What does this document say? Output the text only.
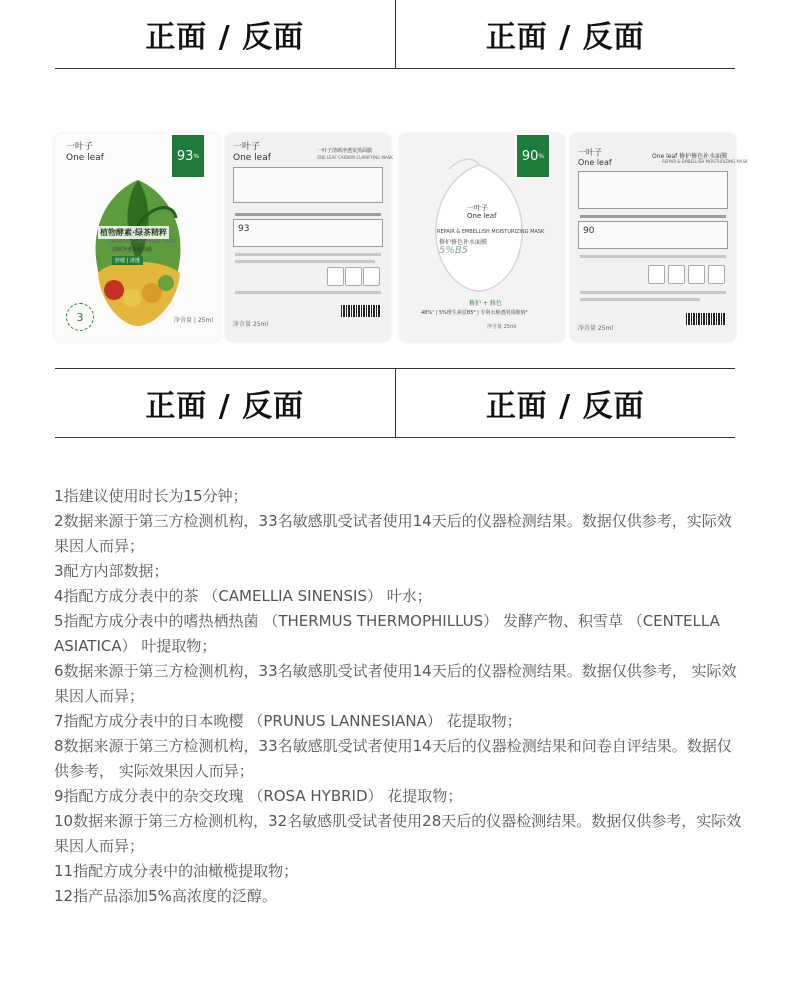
正面 / 反面	正面 / 反面
一叶子
One leaf	93 %
植物酵素·绿茶精粹
CARBON CLARIFYING MASK
清颜净透炭黑面膜
舒缓 | 清透
3	净含量 | 25ml
一叶子
One leaf
一叶子清颜净透炭黑面膜
ONE LEAF CARBON CLARIFYING MASK
93
净含量 25ml
90 %
一叶子
One leaf
REPAIR & EMBELLISH MOISTURIZING MASK
修护修色补水面膜
5%B5
修护 + 修色
48%⁷ | 5%维生素原B5⁸ | 专利水解透明质酸钠⁹
净含量 25ml
一叶子
One leaf
One leaf 修护修色补水面膜
REPAIR & EMBELLISH MOISTURIZING MASK
90
净含量 25ml
正面 / 反面	正面 / 反面

1指建议使用时长为15分钟；

2数据来源于第三方检测机构，33名敏感肌受试者使用14天后的仪器检测结果。数据仅供参考，实际效果因人而异；

3配方内部数据；

4指配方成分表中的茶 （CAMELLIA SINENSIS） 叶水；

5指配方成分表中的嗜热栖热菌 （THERMUS THERMOPHILLUS） 发酵产物、积雪草 （CENTELLA ASIATICA） 叶提取物；

6数据来源于第三方检测机构，33名敏感肌受试者使用14天后的仪器检测结果。数据仅供参考， 实际效果因人而异；

7指配方成分表中的日本晚樱 （PRUNUS LANNESIANA） 花提取物；

8数据来源于第三方检测机构，33名敏感肌受试者使用14天后的仪器检测结果和问卷自评结果。数据仅供参考， 实际效果因人而异；

9指配方成分表中的杂交玫瑰 （ROSA HYBRID） 花提取物；

10数据来源于第三方检测机构，32名敏感肌受试者使用28天后的仪器检测结果。数据仅供参考，实际效果因人而异；

11指配方成分表中的油橄榄提取物；

12指产品添加5%高浓度的泛醇。
